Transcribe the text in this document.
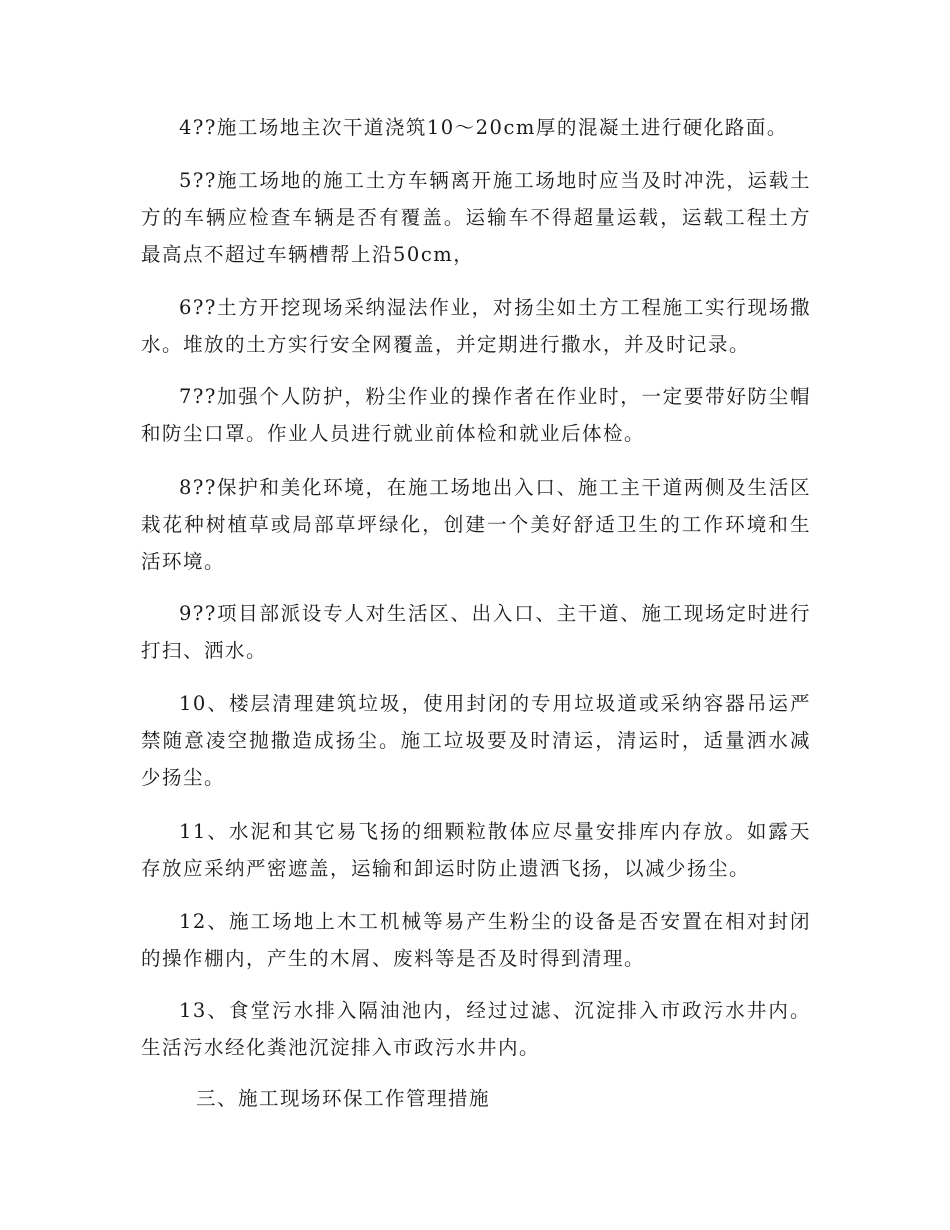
4??施工场地主次干道浇筑10～20cm厚的混凝土进行硬化路面。

5??施工场地的施工土方车辆离开施工场地时应当及时冲洗，运载土方的车辆应检查车辆是否有覆盖。运输车不得超量运载，运载工程土方最高点不超过车辆槽帮上沿50cm，

6??土方开挖现场采纳湿法作业，对扬尘如土方工程施工实行现场撒水。堆放的土方实行安全网覆盖，并定期进行撒水，并及时记录。

7??加强个人防护，粉尘作业的操作者在作业时，一定要带好防尘帽和防尘口罩。作业人员进行就业前体检和就业后体检。

8??保护和美化环境，在施工场地出入口、施工主干道两侧及生活区栽花种树植草或局部草坪绿化，创建一个美好舒适卫生的工作环境和生活环境。

9??项目部派设专人对生活区、出入口、主干道、施工现场定时进行打扫、洒水。

10、楼层清理建筑垃圾，使用封闭的专用垃圾道或采纳容器吊运严禁随意凌空抛撒造成扬尘。施工垃圾要及时清运，清运时，适量洒水减少扬尘。

11、水泥和其它易飞扬的细颗粒散体应尽量安排库内存放。如露天存放应采纳严密遮盖，运输和卸运时防止遗洒飞扬，以减少扬尘。

12、施工场地上木工机械等易产生粉尘的设备是否安置在相对封闭的操作棚内，产生的木屑、废料等是否及时得到清理。

13、食堂污水排入隔油池内，经过过滤、沉淀排入市政污水井内。生活污水经化粪池沉淀排入市政污水井内。

三、施工现场环保工作管理措施
